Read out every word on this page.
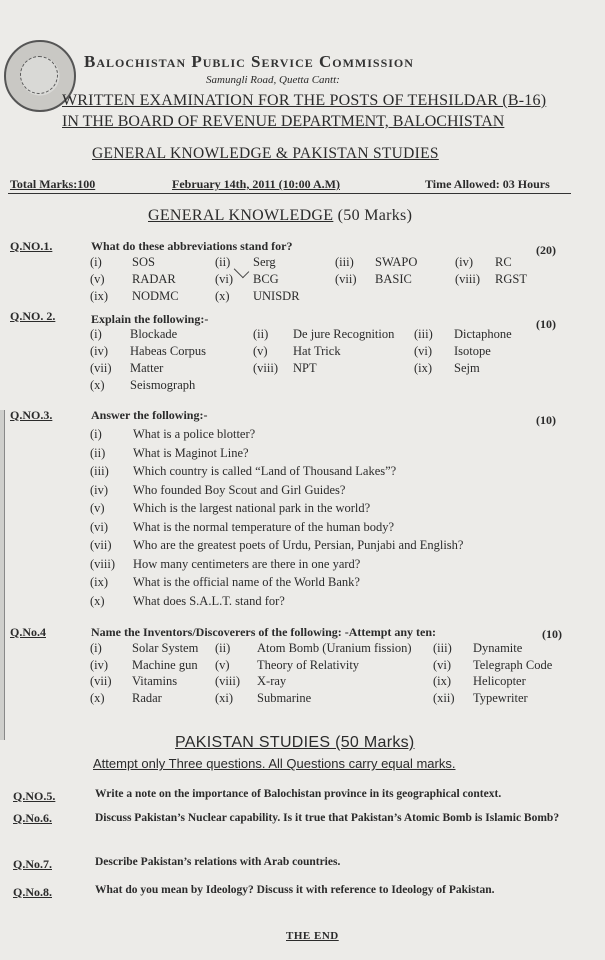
Balochistan Public Service Commission
Samungli Road, Quetta Cantt:
WRITTEN EXAMINATION FOR THE POSTS OF TEHSILDAR (B-16)
IN THE BOARD OF REVENUE DEPARTMENT, BALOCHISTAN
GENERAL KNOWLEDGE & PAKISTAN STUDIES
Total Marks:100	February 14th, 2011 (10:00 A.M)	Time Allowed: 03 Hours
GENERAL KNOWLEDGE (50 Marks)
Q.NO.1.	What do these abbreviations stand for?	(20)
(i) SOS	(ii) Serg	(iii) SWAPO	(iv) RC
(v) RADAR	(vi) BCG	(vii) BASIC	(viii) RGST
(ix) NODMC	(x) UNISDR
Q.NO. 2.	Explain the following:-	(10)
(i) Blockade	(ii) De jure Recognition (iii) Dictaphone
(iv) Habeas Corpus	(v) Hat Trick	(vi) Isotope
(vii) Matter	(viii) NPT	(ix) Sejm
(x) Seismograph
Q.NO.3.	Answer the following:-	(10)
(i) What is a police blotter?
(ii) What is Maginot Line?
(iii) Which country is called “Land of Thousand Lakes”?
(iv) Who founded Boy Scout and Girl Guides?
(v) Which is the largest national park in the world?
(vi) What is the normal temperature of the human body?
(vii) Who are the greatest poets of Urdu, Persian, Punjabi and English?
(viii) How many centimeters are there in one yard?
(ix) What is the official name of the World Bank?
(x) What does S.A.L.T. stand for?
Q.No.4	Name the Inventors/Discoverers of the following: -Attempt any ten:	(10)
(i) Solar System (ii) Atom Bomb (Uranium fission) (iii) Dynamite
(iv) Machine gun (v) Theory of Relativity	(vi) Telegraph Code
(vii) Vitamins	(viii) X-ray	(ix) Helicopter
(x) Radar	(xi) Submarine	(xii) Typewriter
PAKISTAN STUDIES (50 Marks)
Attempt only Three questions. All Questions carry equal marks.
Q.NO.5.	Write a note on the importance of Balochistan province in its geographical context.
Q.No.6.	Discuss Pakistan’s Nuclear capability. Is it true that Pakistan’s Atomic Bomb is Islamic Bomb?
Q.No.7.	Describe Pakistan’s relations with Arab countries.
Q.No.8.	What do you mean by Ideology? Discuss it with reference to Ideology of Pakistan.
THE END
